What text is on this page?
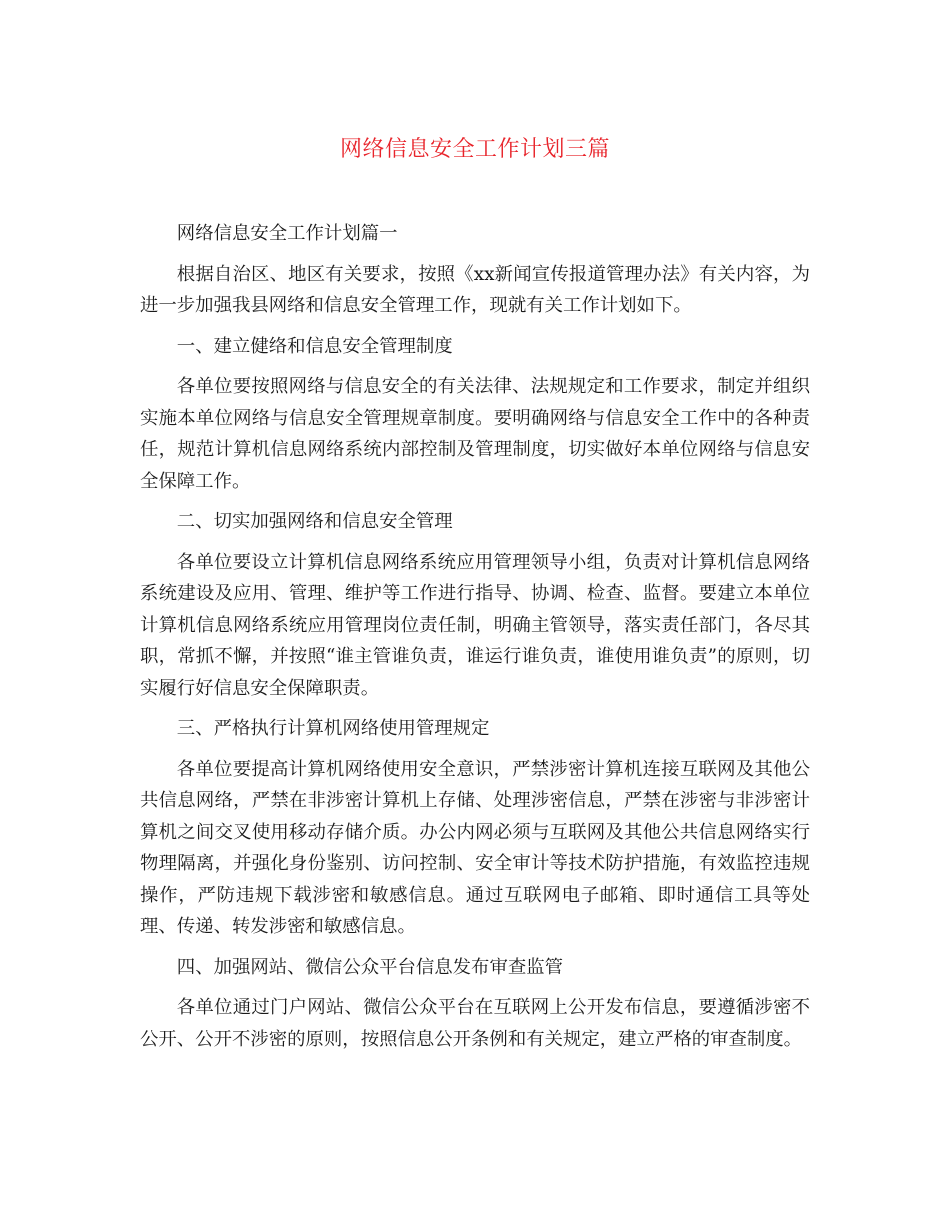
网络信息安全工作计划三篇

网络信息安全工作计划篇一

根据自治区、地区有关要求，按照《xx新闻宣传报道管理办法》有关内容，为进一步加强我县网络和信息安全管理工作，现就有关工作计划如下。

一、建立健络和信息安全管理制度

各单位要按照网络与信息安全的有关法律、法规规定和工作要求，制定并组织实施本单位网络与信息安全管理规章制度。要明确网络与信息安全工作中的各种责任，规范计算机信息网络系统内部控制及管理制度，切实做好本单位网络与信息安全保障工作。

二、切实加强网络和信息安全管理

各单位要设立计算机信息网络系统应用管理领导小组，负责对计算机信息网络系统建设及应用、管理、维护等工作进行指导、协调、检查、监督。要建立本单位计算机信息网络系统应用管理岗位责任制，明确主管领导，落实责任部门，各尽其职，常抓不懈，并按照“谁主管谁负责，谁运行谁负责，谁使用谁负责”的原则，切实履行好信息安全保障职责。

三、严格执行计算机网络使用管理规定

各单位要提高计算机网络使用安全意识，严禁涉密计算机连接互联网及其他公共信息网络，严禁在非涉密计算机上存储、处理涉密信息，严禁在涉密与非涉密计算机之间交叉使用移动存储介质。办公内网必须与互联网及其他公共信息网络实行物理隔离，并强化身份鉴别、访问控制、安全审计等技术防护措施，有效监控违规操作，严防违规下载涉密和敏感信息。通过互联网电子邮箱、即时通信工具等处理、传递、转发涉密和敏感信息。

四、加强网站、微信公众平台信息发布审查监管

各单位通过门户网站、微信公众平台在互联网上公开发布信息，要遵循涉密不公开、公开不涉密的原则，按照信息公开条例和有关规定，建立严格的审查制度。
